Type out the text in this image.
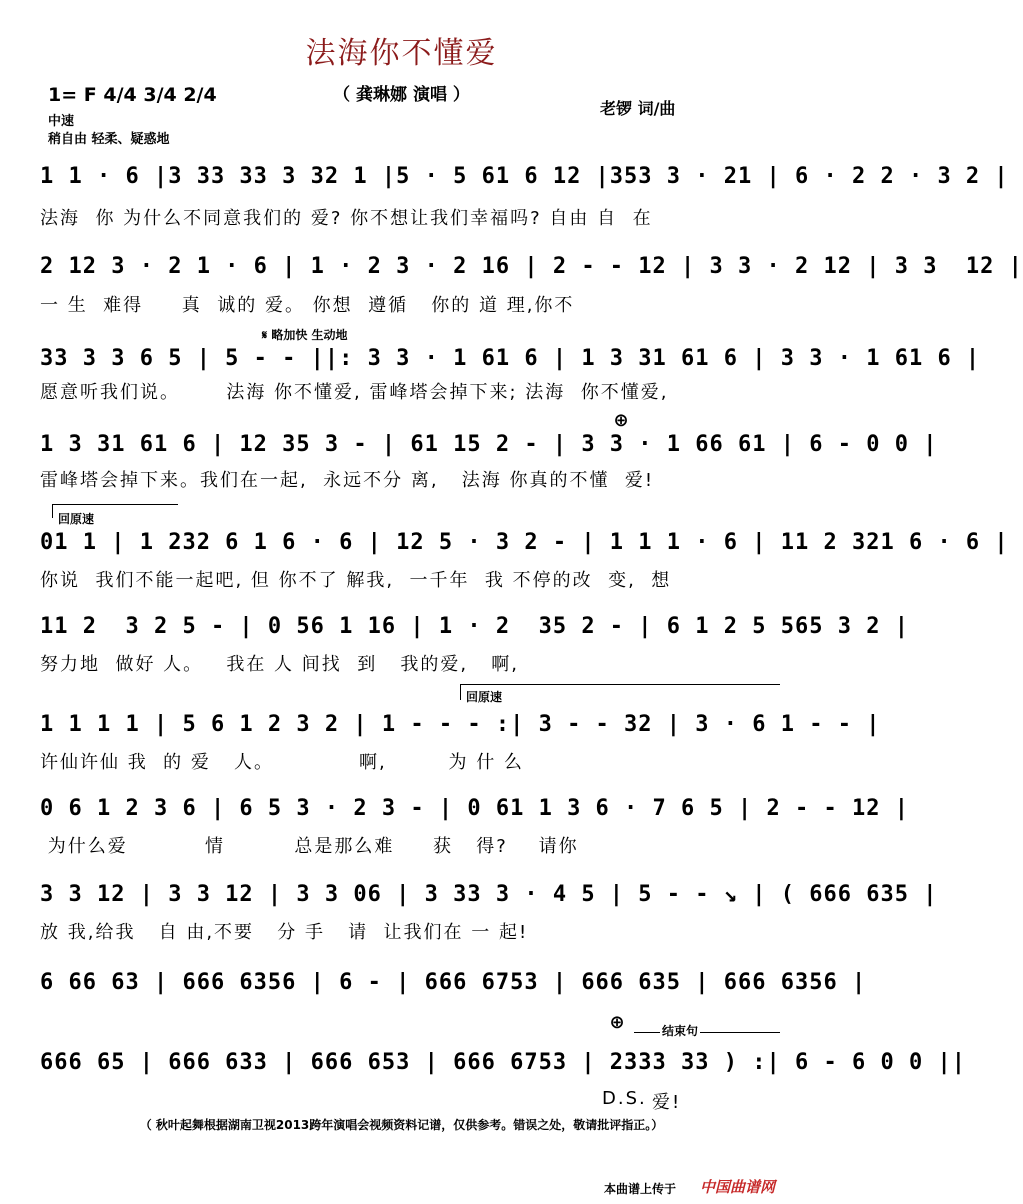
法海你不懂爱
（ 龚琳娜 演唱 ）
1= F 4/4 3/4 2/4
老锣 词/曲
中速
稍自由 轻柔、疑惑地
1 1 · 6 |3 33 33 3 32 1 |5 · 5 61 6 12 |353 3 · 21 | 6 · 2 2 · 3 2 |
法海  你 为什么不同意我们的 爱? 你不想让我们幸福吗? 自由 自  在
2 12 3 · 2 1 · 6 | 1 · 2 3 · 2 16 | 2 - - 12 | 3 3 · 2 12 | 3 3  12 |
一 生  难得     真  诚的 爱。 你想  遵循   你的 道 理,你不
𝄋 略加快 生动地
33 3 3 6 5 | 5 - - ||: 3 3 · 1 61 6 | 1 3 31 61 6 | 3 3 · 1 61 6 |
愿意听我们说。      法海 你不懂爱, 雷峰塔会掉下来; 法海  你不懂爱,
⊕
1 3 31 61 6 | 12 35 3 - | 61 15 2 - | 3 3 · 1 66 61 | 6 - 0 0 |
雷峰塔会掉下来。我们在一起,  永远不分 离,   法海 你真的不懂  爱!
回原速
01 1 | 1 232 6 1 6 · 6 | 12 5 · 3 2 - | 1 1 1 · 6 | 11 2 321 6 · 6 |
你说  我们不能一起吧, 但 你不了 解我,  一千年  我 不停的改  变,  想
11 2  3 2 5 - | 0 56 1 16 | 1 · 2  35 2 - | 6 1 2 5 565 3 2 |
努力地  做好 人。   我在 人 间找  到   我的爱,   啊,
回原速
1 1 1 1 | 5 6 1 2 3 2 | 1 - - - :| 3 - - 32 | 3 · 6 1 - - |
许仙许仙 我  的 爱   人。           啊,        为 什 么
0 6 1 2 3 6 | 6 5 3 · 2 3 - | 0 61 1 3 6 · 7 6 5 | 2 - - 12 |
为什么爱          情         总是那么难     获   得?    请你
3 3 12 | 3 3 12 | 3 3 06 | 3 33 3 · 4 5 | 5 - - ↘ | ( 666 635 |
放 我,给我   自 由,不要   分 手   请  让我们在 一 起!
6 66 63 | 666 6356 | 6 - | 666 6753 | 666 635 | 666 6356 |
⊕	结束句
666 65 | 666 633 | 666 653 | 666 6753 | 2333 33 ) :| 6 - 6 0 0 ||
D.S. 爱!
（ 秋叶起舞根据湖南卫视2013跨年演唱会视频资料记谱，仅供参考。错误之处，敬请批评指正。）
本曲谱上传于 中国曲谱网
